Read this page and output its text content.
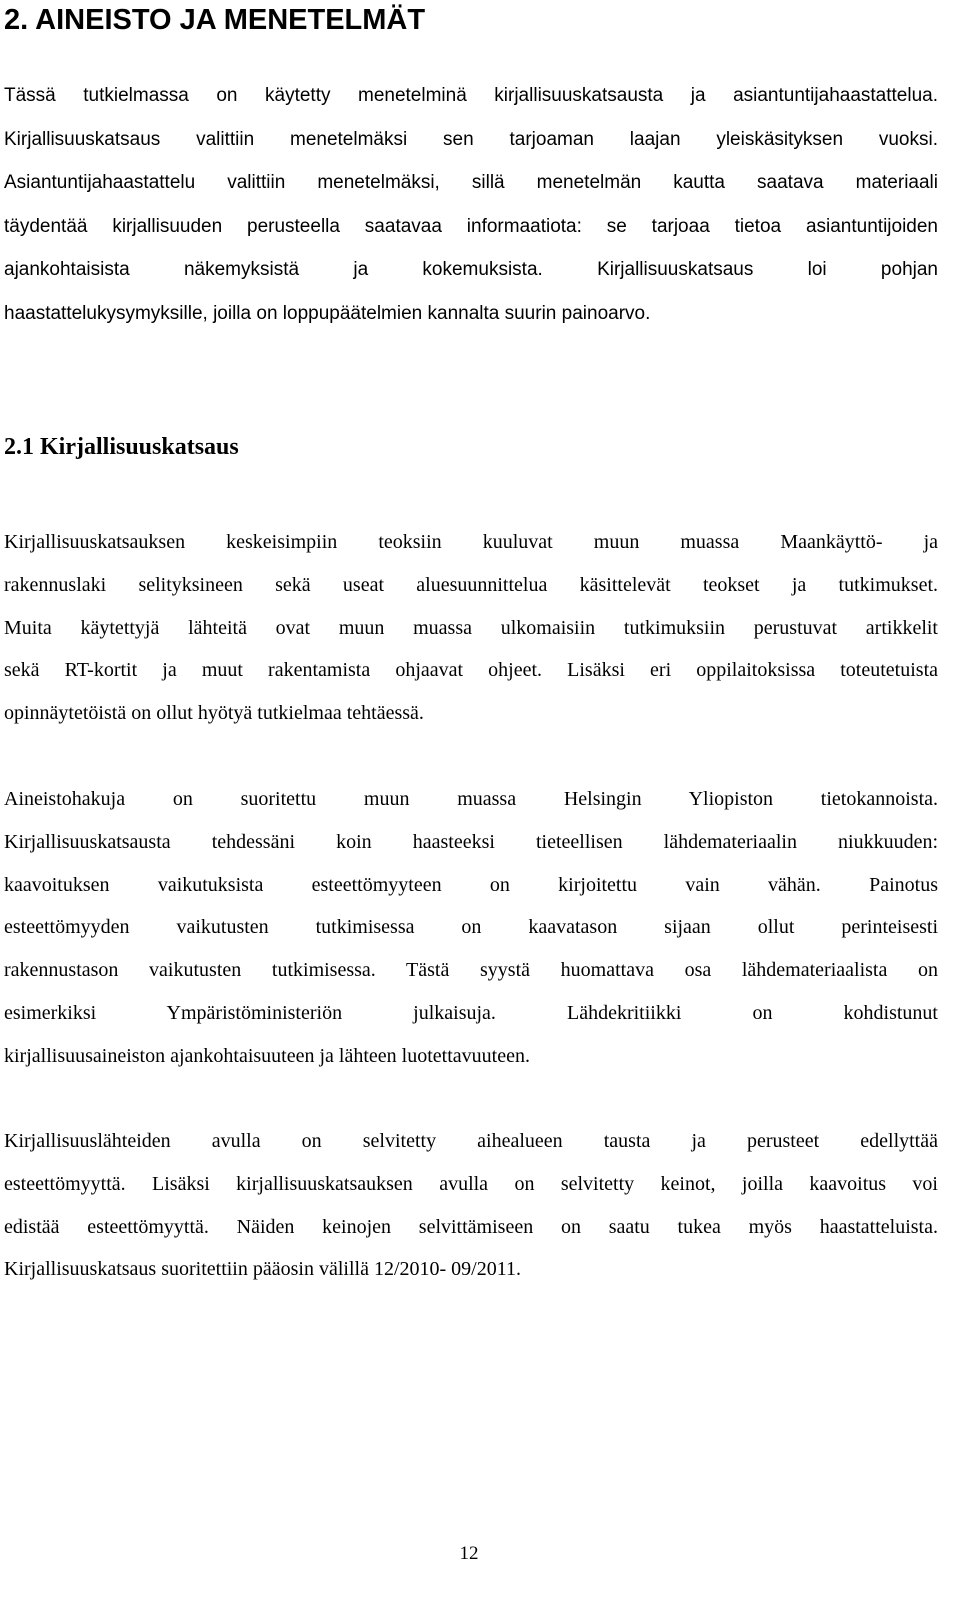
2. AINEISTO JA MENETELMÄT
Tässä tutkielmassa on käytetty menetelminä kirjallisuuskatsausta ja asiantuntijahaastattelua.
Kirjallisuuskatsaus valittiin menetelmäksi sen tarjoaman laajan yleiskäsityksen vuoksi.
Asiantuntijahaastattelu valittiin menetelmäksi, sillä menetelmän kautta saatava materiaali
täydentää kirjallisuuden perusteella saatavaa informaatiota: se tarjoaa tietoa asiantuntijoiden
ajankohtaisista näkemyksistä ja kokemuksista. Kirjallisuuskatsaus loi pohjan
haastattelukysymyksille, joilla on loppupäätelmien kannalta suurin painoarvo.
2.1 Kirjallisuuskatsaus
Kirjallisuuskatsauksen keskeisimpiin teoksiin kuuluvat muun muassa Maankäyttö- ja
rakennuslaki selityksineen sekä useat aluesuunnittelua käsittelevät teokset ja tutkimukset.
Muita käytettyjä lähteitä ovat muun muassa ulkomaisiin tutkimuksiin perustuvat artikkelit
sekä RT-kortit ja muut rakentamista ohjaavat ohjeet. Lisäksi eri oppilaitoksissa toteutetuista
opinnäytetöistä on ollut hyötyä tutkielmaa tehtäessä.
Aineistohakuja on suoritettu muun muassa Helsingin Yliopiston tietokannoista.
Kirjallisuuskatsausta tehdessäni koin haasteeksi tieteellisen lähdemateriaalin niukkuuden:
kaavoituksen vaikutuksista esteettömyyteen on kirjoitettu vain vähän. Painotus
esteettömyyden vaikutusten tutkimisessa on kaavatason sijaan ollut perinteisesti
rakennustason vaikutusten tutkimisessa. Tästä syystä huomattava osa lähdemateriaalista on
esimerkiksi Ympäristöministeriön julkaisuja. Lähdekritiikki on kohdistunut
kirjallisuusaineiston ajankohtaisuuteen ja lähteen luotettavuuteen.
Kirjallisuuslähteiden avulla on selvitetty aihealueen tausta ja perusteet edellyttää
esteettömyyttä. Lisäksi kirjallisuuskatsauksen avulla on selvitetty keinot, joilla kaavoitus voi
edistää esteettömyyttä. Näiden keinojen selvittämiseen on saatu tukea myös haastatteluista.
Kirjallisuuskatsaus suoritettiin pääosin välillä 12/2010- 09/2011.
12
